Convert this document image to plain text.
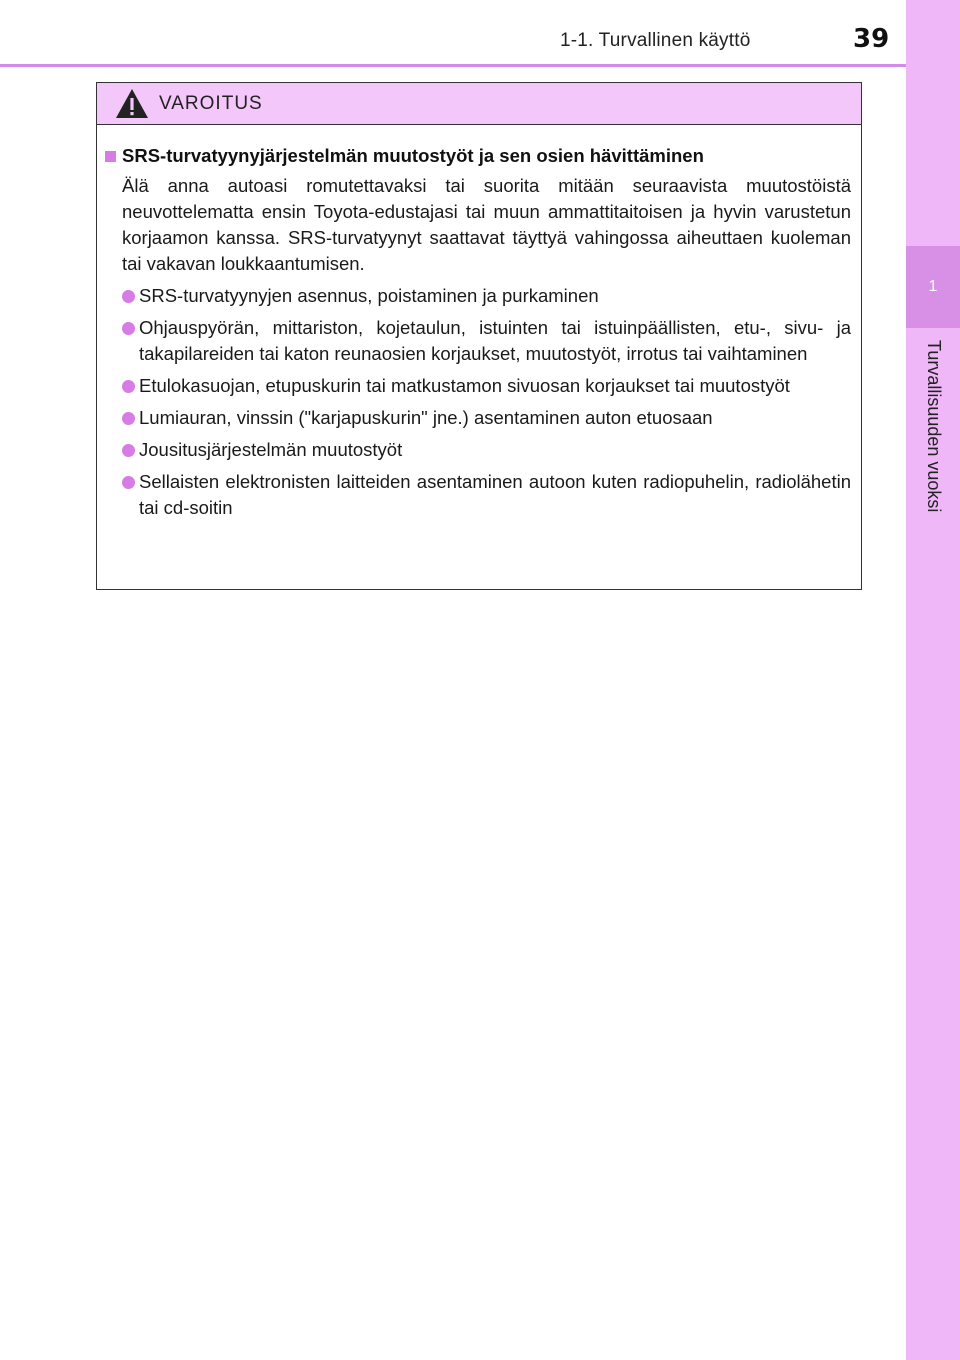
1-1. Turvallinen käyttö	39
1
Turvallisuuden vuoksi
VAROITUS
SRS-turvatyynyjärjestelmän muutostyöt ja sen osien hävittäminen
Älä anna autoasi romutettavaksi tai suorita mitään seuraavista muutostöistä neuvottelematta ensin Toyota-edustajasi tai muun ammattitaitoisen ja hyvin varustetun korjaamon kanssa. SRS-turvatyynyt saattavat täyttyä vahingossa aiheuttaen kuoleman tai vakavan loukkaantumisen.
SRS-turvatyynyjen asennus, poistaminen ja purkaminen
Ohjauspyörän, mittariston, kojetaulun, istuinten tai istuinpäällisten, etu-, sivu- ja takapilareiden tai katon reunaosien korjaukset, muutostyöt, irrotus tai vaihtaminen
Etulokasuojan, etupuskurin tai matkustamon sivuosan korjaukset tai muutostyöt
Lumiauran, vinssin ("karjapuskurin" jne.) asentaminen auton etuosaan
Jousitusjärjestelmän muutostyöt
Sellaisten elektronisten laitteiden asentaminen autoon kuten radiopuhelin, radiolähetin tai cd-soitin
